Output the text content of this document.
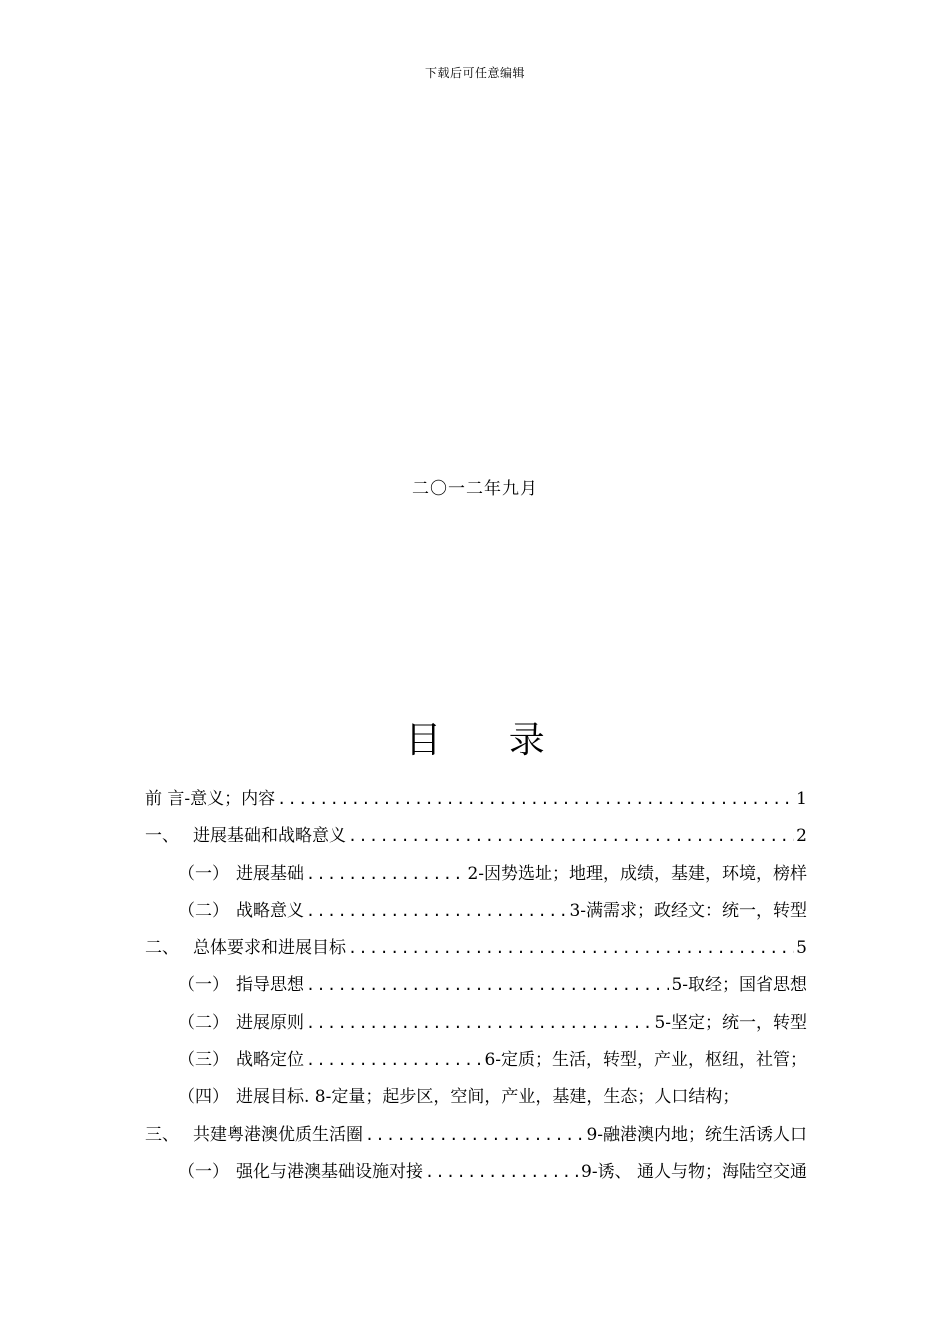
下载后可任意编辑
二〇一二年九月
目 录
前 言-意义；内容 .....	1
一、 进展基础和战略意义 .....	2
（一） 进展基础 .....	2-因势选址；地理，成绩，基建，环境，榜样
（二） 战略意义 .....	3-满需求；政经文：统一，转型
二、 总体要求和进展目标 .....	5
（一） 指导思想 .....	5-取经；国省思想
（二） 进展原则 .....	5-坚定；统一，转型
（三） 战略定位 .....	6-定质；生活，转型，产业，枢纽，社管；
（四） 进展目标. 8-定量；起步区，空间，产业，基建，生态；人口结构；
三、 共建粤港澳优质生活圈 .....	9-融港澳内地；统生活诱人口
（一） 强化与港澳基础设施对接 .....	9-诱、 通人与物；海陆空交通
